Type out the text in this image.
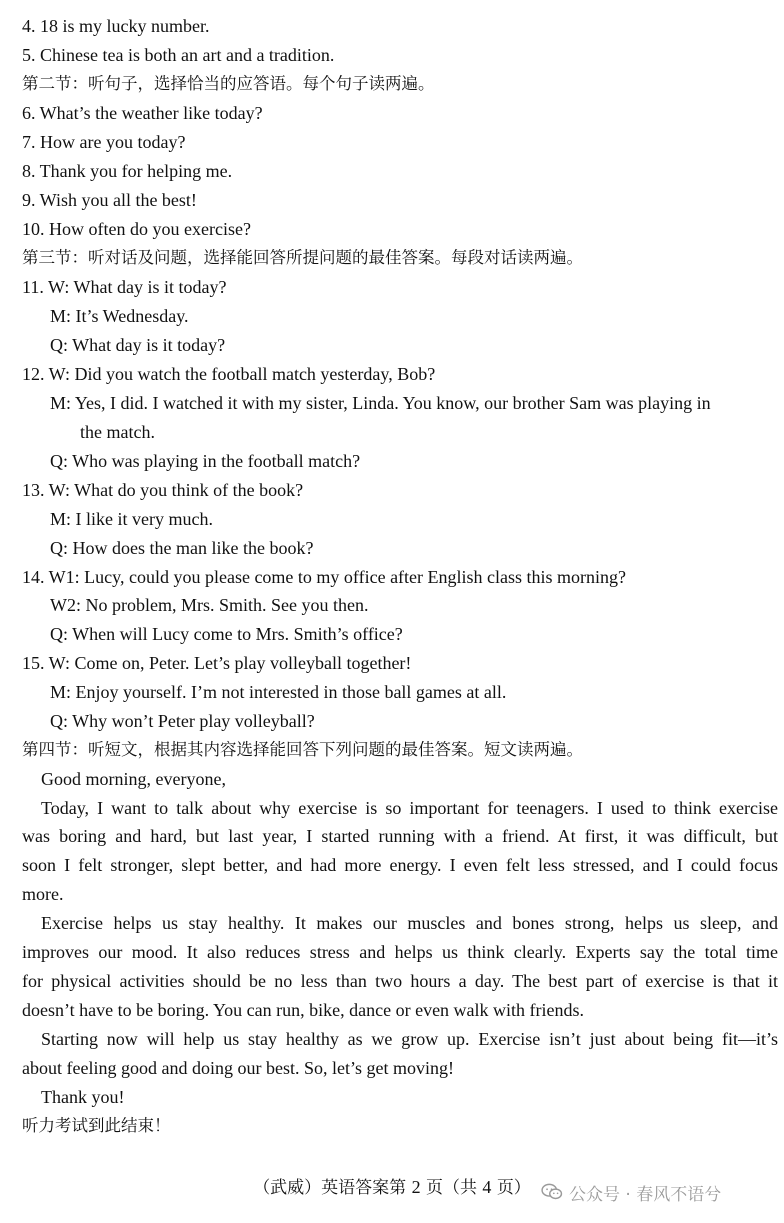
4. 18 is my lucky number.
5. Chinese tea is both an art and a tradition.
第二节：听句子，选择恰当的应答语。每个句子读两遍。
6. What’s the weather like today?
7. How are you today?
8. Thank you for helping me.
9. Wish you all the best!
10. How often do you exercise?
第三节：听对话及问题，选择能回答所提问题的最佳答案。每段对话读两遍。
11. W: What day is it today?
M: It’s Wednesday.
Q: What day is it today?
12. W: Did you watch the football match yesterday, Bob?
M: Yes, I did. I watched it with my sister, Linda. You know, our brother Sam was playing in
the match.
Q: Who was playing in the football match?
13. W: What do you think of the book?
M: I like it very much.
Q: How does the man like the book?
14. W1: Lucy, could you please come to my office after English class this morning?
W2: No problem, Mrs. Smith. See you then.
Q: When will Lucy come to Mrs. Smith’s office?
15. W: Come on, Peter. Let’s play volleyball together!
M: Enjoy yourself. I’m not interested in those ball games at all.
Q: Why won’t Peter play volleyball?
第四节：听短文，根据其内容选择能回答下列问题的最佳答案。短文读两遍。
Good morning, everyone,
Today, I want to talk about why exercise is so important for teenagers. I used to think exercise
was boring and hard, but last year, I started running with a friend. At first, it was difficult, but
soon I felt stronger, slept better, and had more energy. I even felt less stressed, and I could focus
more.
Exercise helps us stay healthy. It makes our muscles and bones strong, helps us sleep, and
improves our mood. It also reduces stress and helps us think clearly. Experts say the total time
for physical activities should be no less than two hours a day. The best part of exercise is that it
doesn’t have to be boring. You can run, bike, dance or even walk with friends.
Starting now will help us stay healthy as we grow up. Exercise isn’t just about being fit—it’s
about feeling good and doing our best. So, let’s get moving!
Thank you!
听力考试到此结束！
（武威）英语答案第 2 页（共 4 页）	公众号 · 春风不语兮
